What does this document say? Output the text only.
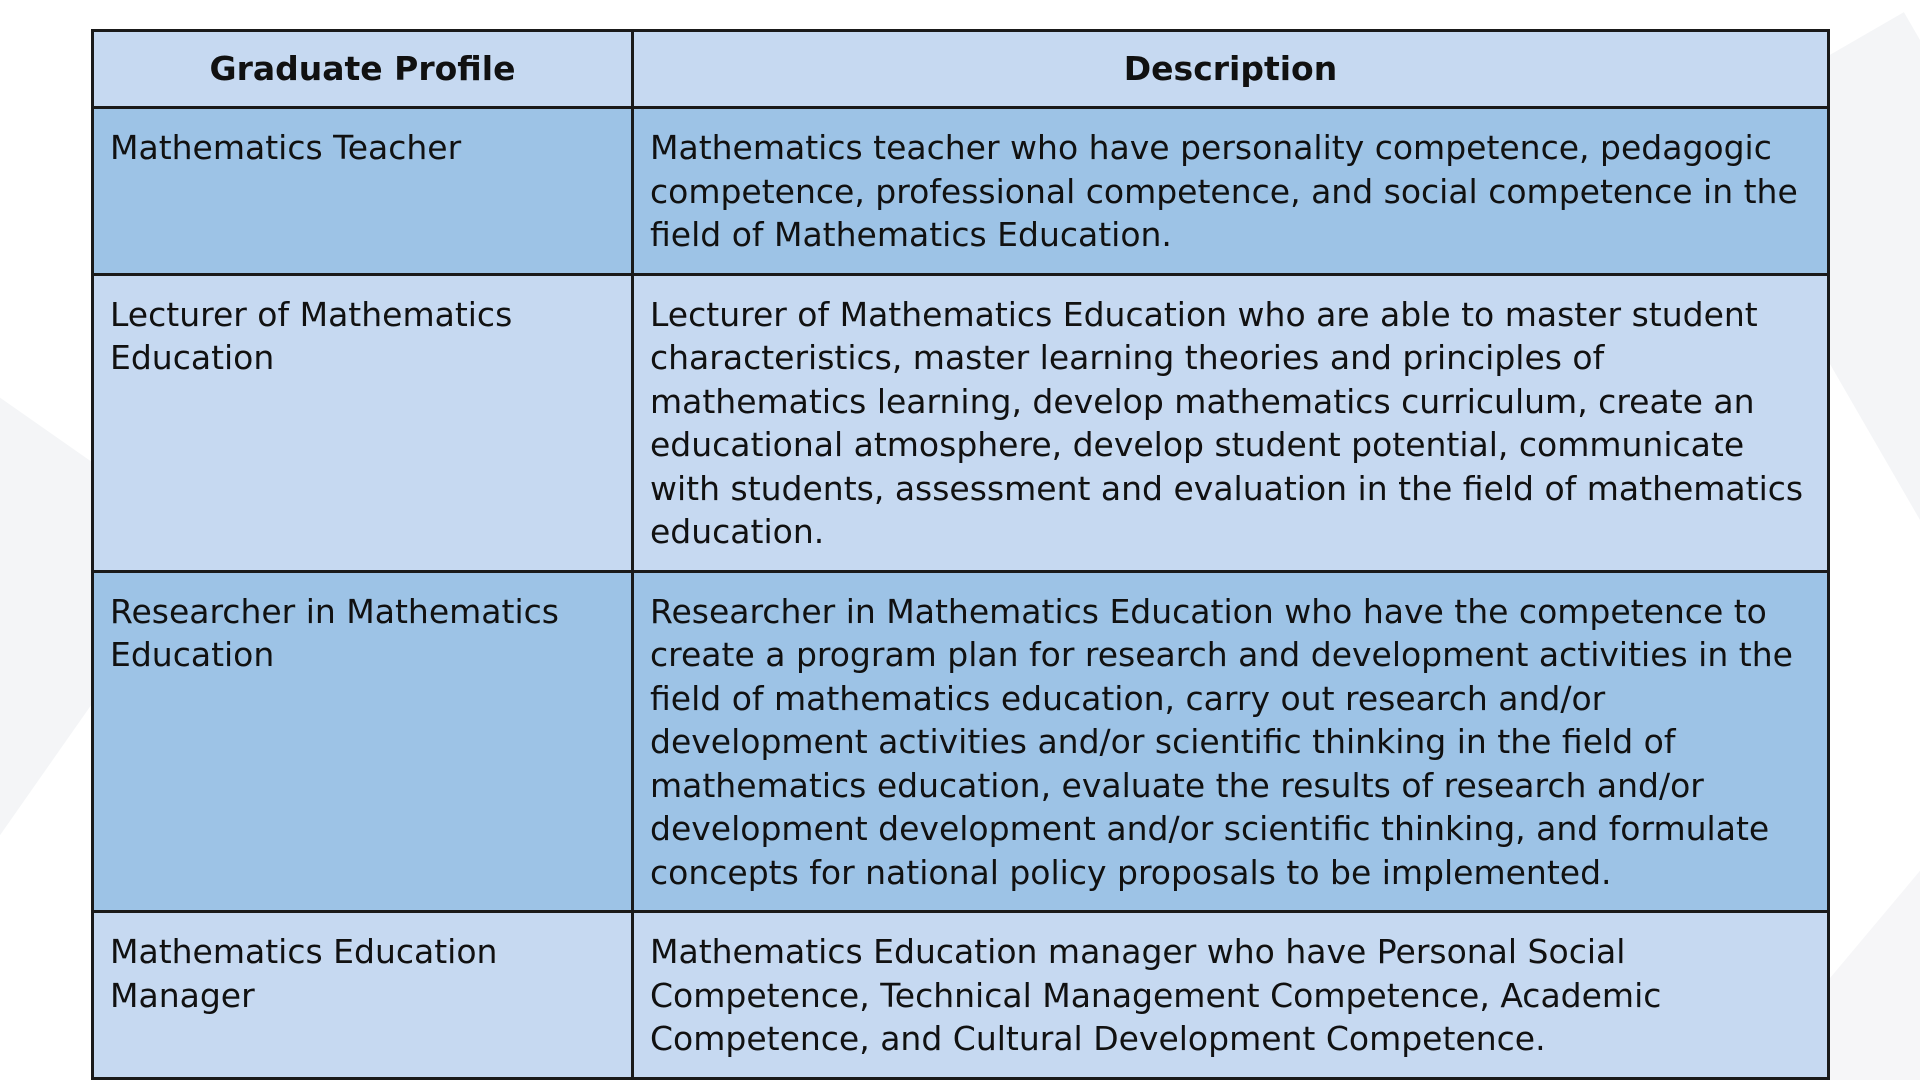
Graduate Profile	Description
Mathematics Teacher	Mathematics teacher who have personality competence, pedagogic competence, professional competence, and social competence in the field of Mathematics Education.
Lecturer of Mathematics Education	Lecturer of Mathematics Education who are able to master student characteristics, master learning theories and principles of mathematics learning, develop mathematics curriculum, create an educational atmosphere, develop student potential, communicate with students, assessment and evaluation in the field of mathematics education.
Researcher in Mathematics Education	Researcher in Mathematics Education who have the competence to create a program plan for research and development activities in the field of mathematics education, carry out research and/or development activities and/or scientific thinking in the field of mathematics education, evaluate the results of research and/or development development and/or scientific thinking, and formulate concepts for national policy proposals to be implemented.
Mathematics Education Manager	Mathematics Education manager who have Personal Social Competence, Technical Management Competence, Academic Competence, and Cultural Development Competence.
